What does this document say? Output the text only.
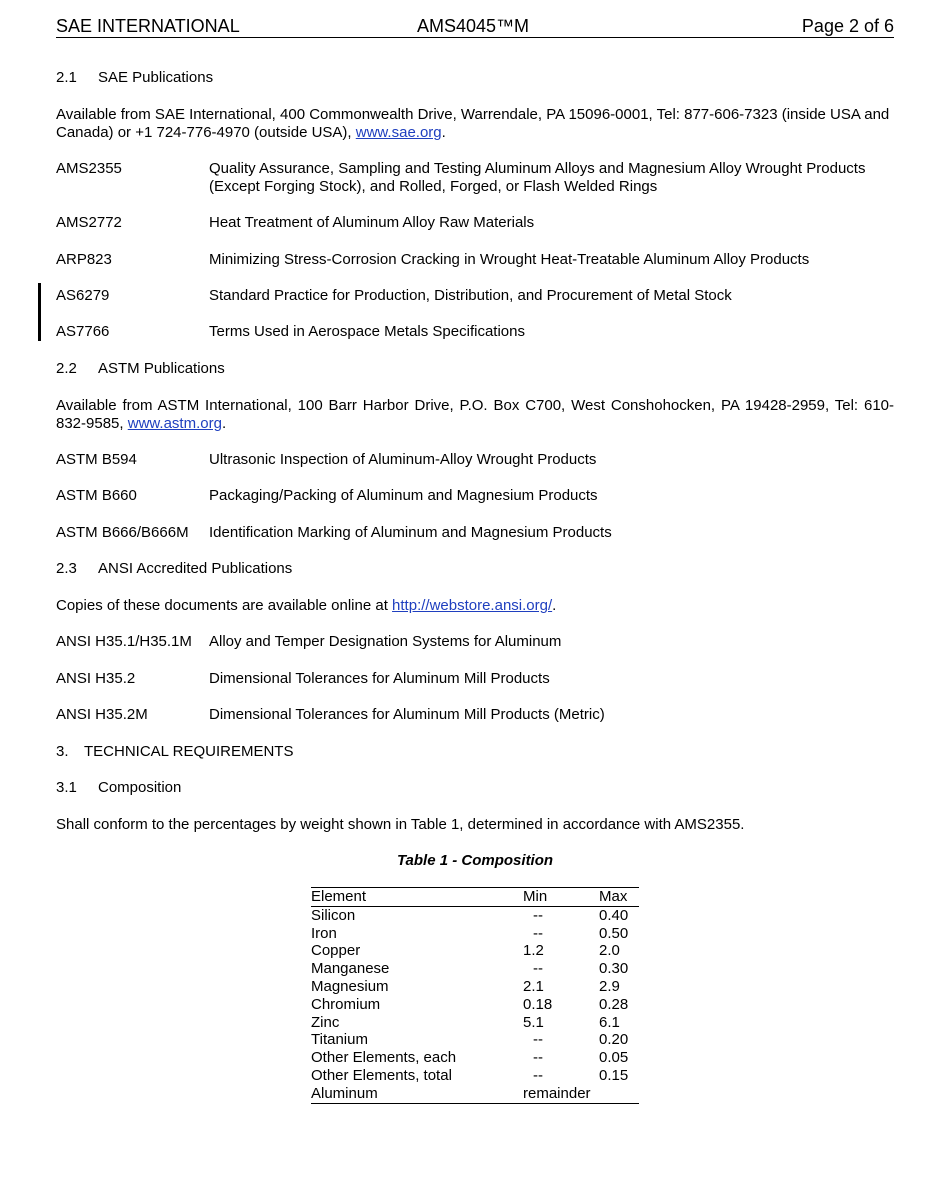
SAE INTERNATIONAL	AMS4045™M	Page 2 of 6
2.1 SAE Publications
Available from SAE International, 400 Commonwealth Drive, Warrendale, PA 15096-0001, Tel: 877-606-7323 (inside USA and Canada) or +1 724-776-4970 (outside USA), www.sae.org.
AMS2355	Quality Assurance, Sampling and Testing Aluminum Alloys and Magnesium Alloy Wrought Products (Except Forging Stock), and Rolled, Forged, or Flash Welded Rings
AMS2772	Heat Treatment of Aluminum Alloy Raw Materials
ARP823	Minimizing Stress-Corrosion Cracking in Wrought Heat-Treatable Aluminum Alloy Products
AS6279	Standard Practice for Production, Distribution, and Procurement of Metal Stock
AS7766	Terms Used in Aerospace Metals Specifications
2.2 ASTM Publications
Available from ASTM International, 100 Barr Harbor Drive, P.O. Box C700, West Conshohocken, PA 19428-2959, Tel: 610-832-9585, www.astm.org.
ASTM B594	Ultrasonic Inspection of Aluminum-Alloy Wrought Products
ASTM B660	Packaging/Packing of Aluminum and Magnesium Products
ASTM B666/B666M Identification Marking of Aluminum and Magnesium Products
2.3 ANSI Accredited Publications
Copies of these documents are available online at http://webstore.ansi.org/.
ANSI H35.1/H35.1M Alloy and Temper Designation Systems for Aluminum
ANSI H35.2	Dimensional Tolerances for Aluminum Mill Products
ANSI H35.2M	Dimensional Tolerances for Aluminum Mill Products (Metric)
3. TECHNICAL REQUIREMENTS
3.1 Composition
Shall conform to the percentages by weight shown in Table 1, determined in accordance with AMS2355.
Table 1 - Composition
Element	Min	Max
Silicon	--	0.40
Iron	--	0.50
Copper	1.2	2.0
Manganese	--	0.30
Magnesium	2.1	2.9
Chromium	0.18	0.28
Zinc	5.1	6.1
Titanium	--	0.20
Other Elements, each	--	0.05
Other Elements, total	--	0.15
Aluminum	remainder	
